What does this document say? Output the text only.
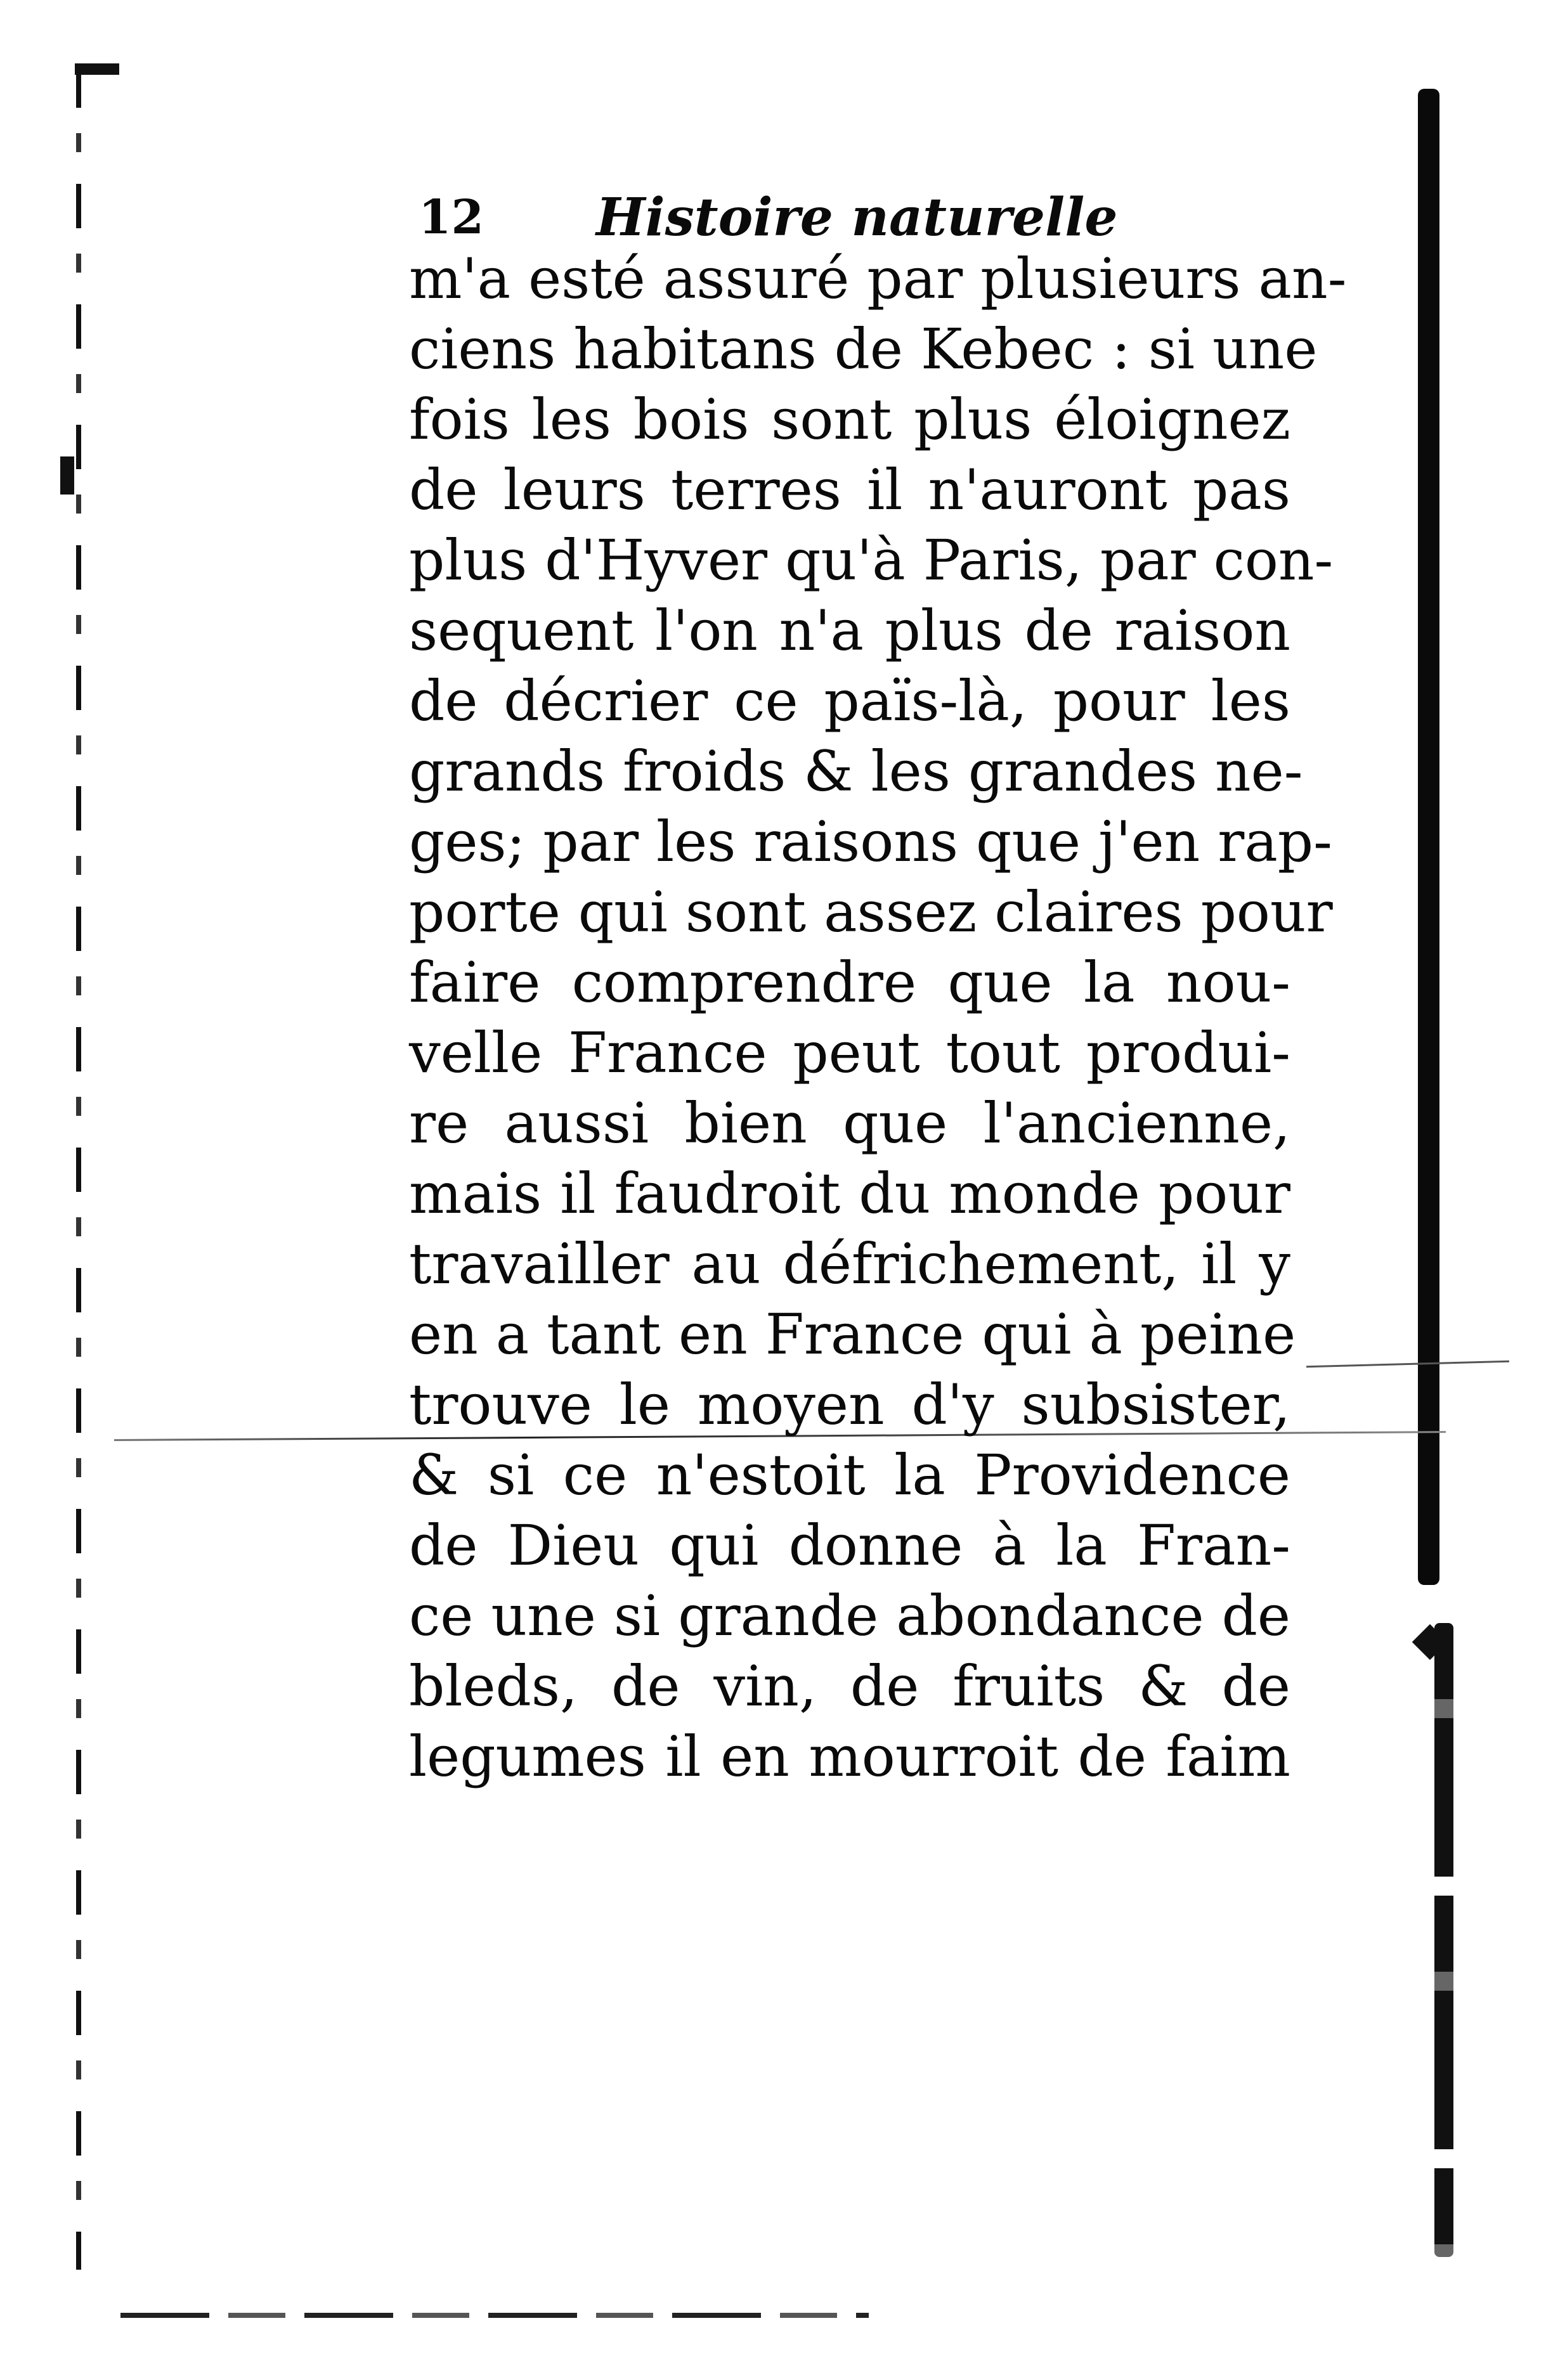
12 Histoire naturelle
m'a esté assuré par plusieurs an-
ciens habitans de Kebec : si une
fois les bois sont plus éloignez
de leurs terres il n'auront pas
plus d'Hyver qu'à Paris, par con-
sequent l'on n'a plus de raison
de décrier ce païs-là, pour les
grands froids & les grandes ne-
ges; par les raisons que j'en rap-
porte qui sont assez claires pour
faire comprendre que la nou-
velle France peut tout produi-
re aussi bien que l'ancienne,
mais il faudroit du monde pour
travailler au défrichement, il y
en a tant en France qui à peine
trouve le moyen d'y subsister,
& si ce n'estoit la Providence
de Dieu qui donne à la Fran-
ce une si grande abondance de
bleds, de vin, de fruits & de
legumes il en mourroit de faim
